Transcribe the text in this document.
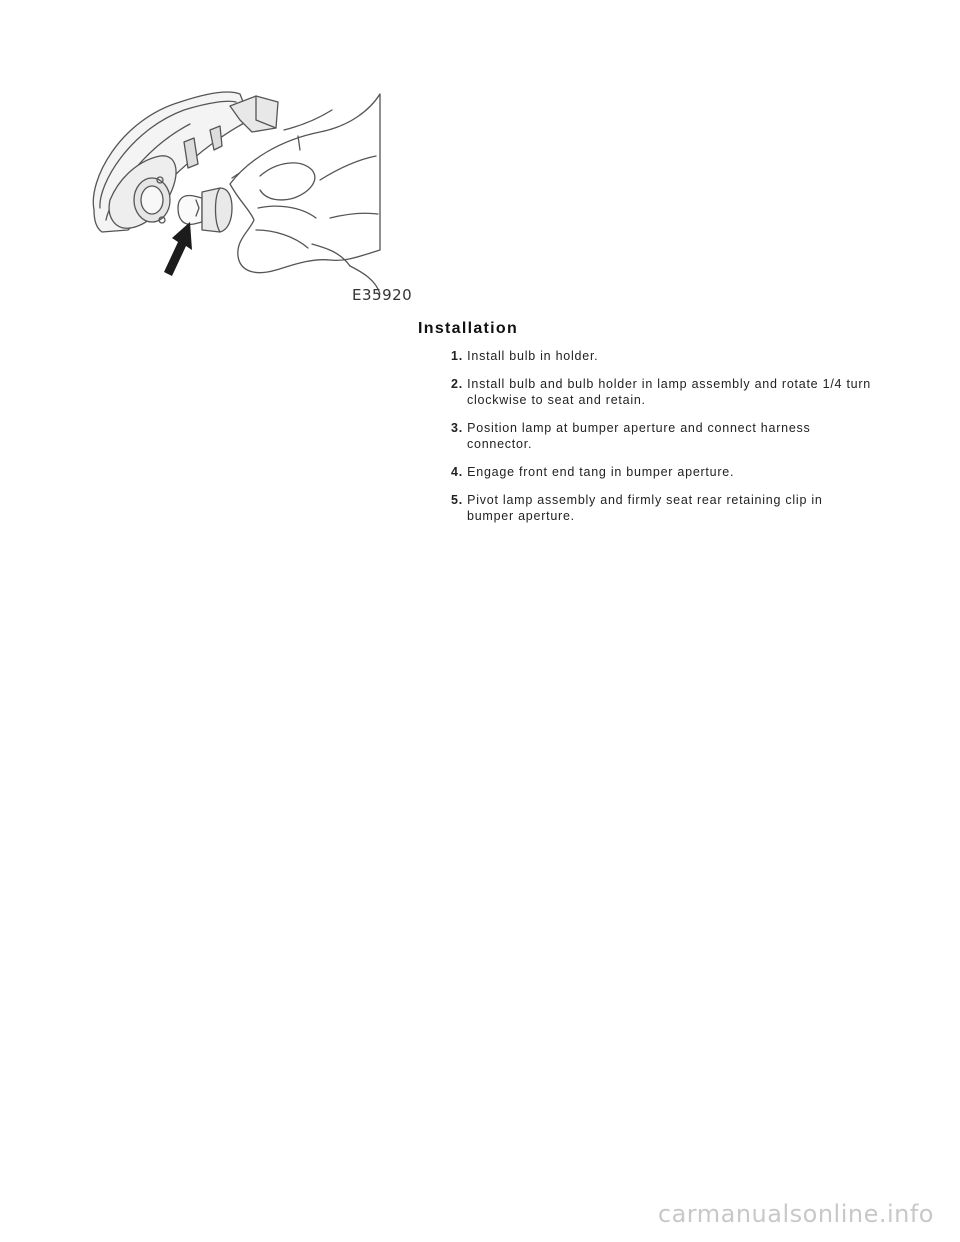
E35920
Installation
1. Install bulb in holder.
2. Install bulb and bulb holder in lamp assembly and rotate 1/4 turn clockwise to seat and retain.
3. Position lamp at bumper aperture and connect harness connector.
4. Engage front end tang in bumper aperture.
5. Pivot lamp assembly and firmly seat rear retaining clip in bumper aperture.
carmanualsonline.info
